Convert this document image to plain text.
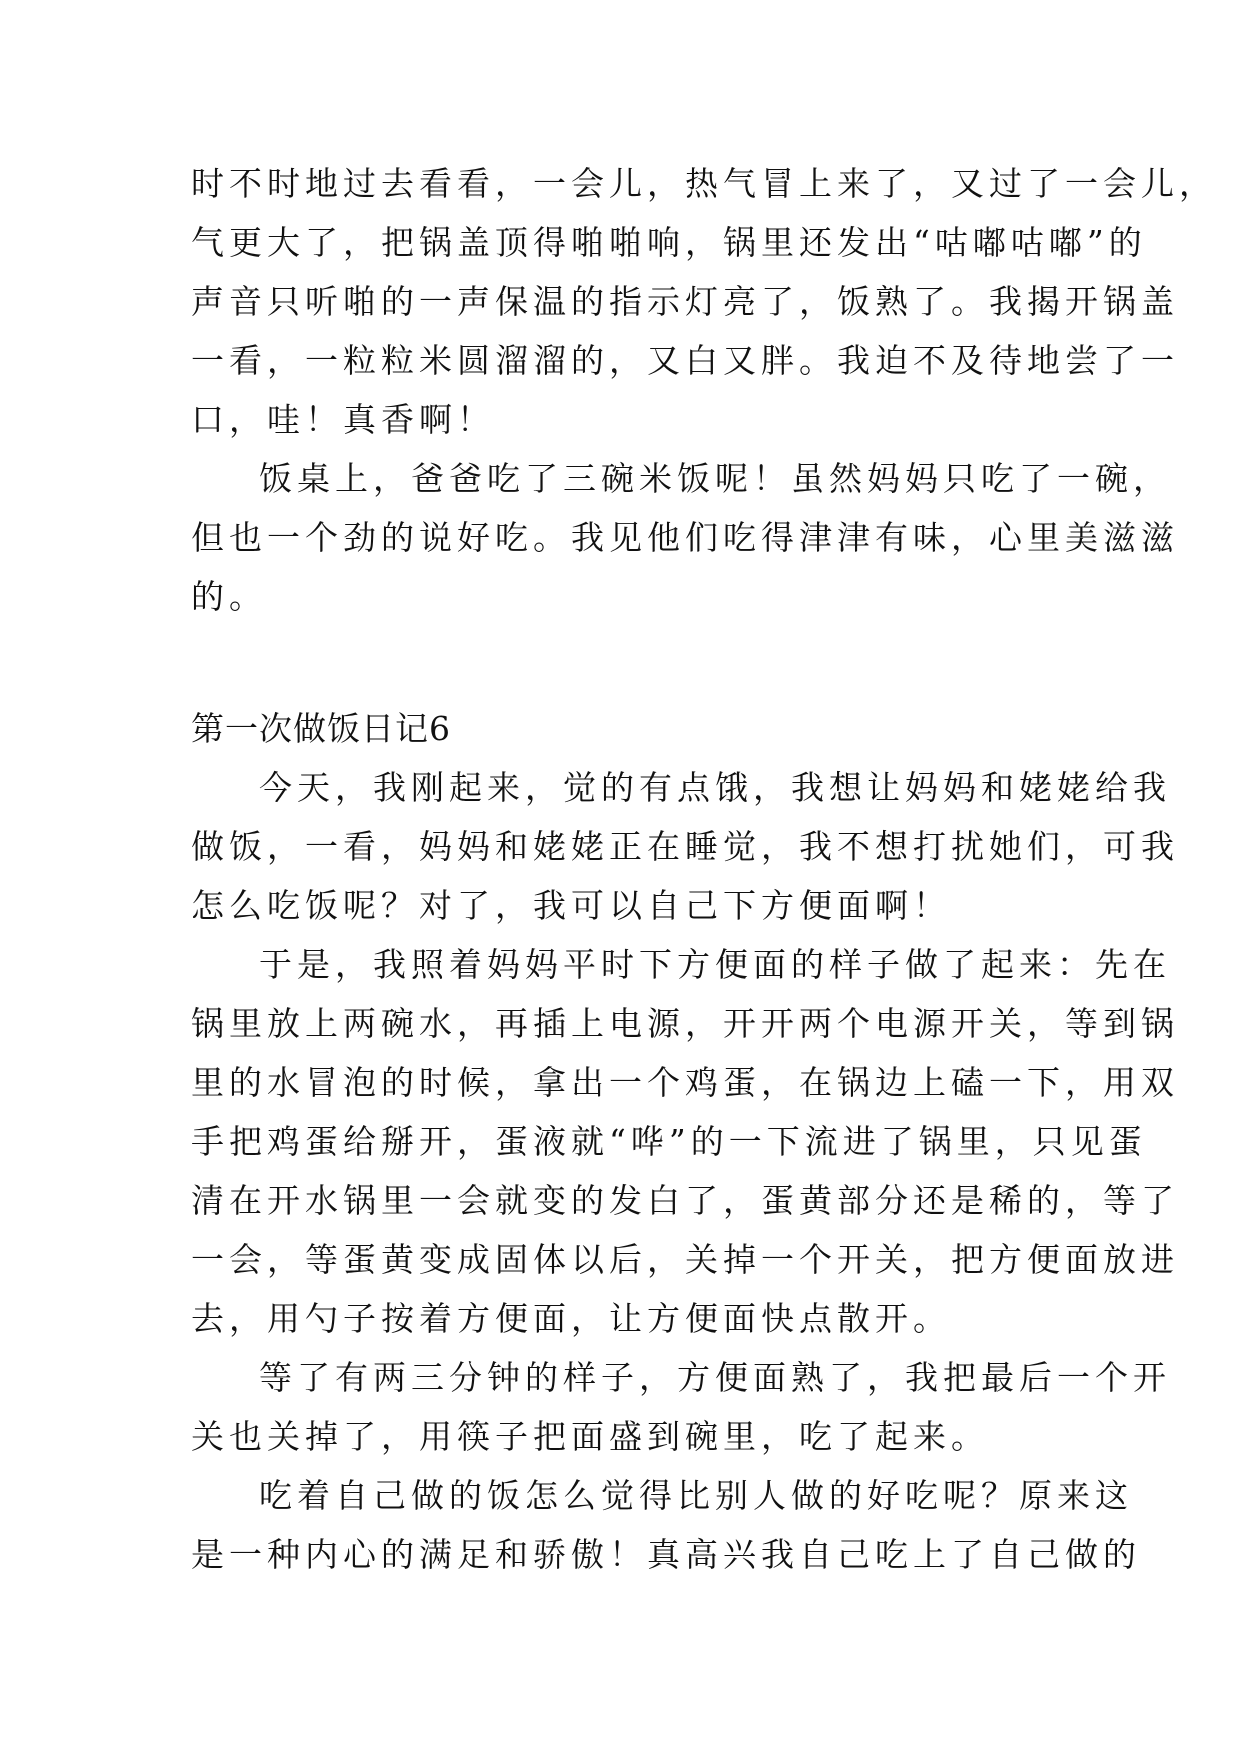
时不时地过去看看，一会儿，热气冒上来了，又过了一会儿，
气更大了，把锅盖顶得啪啪响，锅里还发出“咕嘟咕嘟”的
声音只听啪的一声保温的指示灯亮了，饭熟了。我揭开锅盖
一看，一粒粒米圆溜溜的，又白又胖。我迫不及待地尝了一
口，哇！真香啊！
饭桌上，爸爸吃了三碗米饭呢！虽然妈妈只吃了一碗，
但也一个劲的说好吃。我见他们吃得津津有味，心里美滋滋
的。
第一次做饭日记6
今天，我刚起来，觉的有点饿，我想让妈妈和姥姥给我
做饭，一看，妈妈和姥姥正在睡觉，我不想打扰她们，可我
怎么吃饭呢？对了，我可以自己下方便面啊！
于是，我照着妈妈平时下方便面的样子做了起来：先在
锅里放上两碗水，再插上电源，开开两个电源开关，等到锅
里的水冒泡的时候，拿出一个鸡蛋，在锅边上磕一下，用双
手把鸡蛋给掰开，蛋液就“哗”的一下流进了锅里，只见蛋
清在开水锅里一会就变的发白了，蛋黄部分还是稀的，等了
一会，等蛋黄变成固体以后，关掉一个开关，把方便面放进
去，用勺子按着方便面，让方便面快点散开。
等了有两三分钟的样子，方便面熟了，我把最后一个开
关也关掉了，用筷子把面盛到碗里，吃了起来。
吃着自己做的饭怎么觉得比别人做的好吃呢？原来这
是一种内心的满足和骄傲！真高兴我自己吃上了自己做的
